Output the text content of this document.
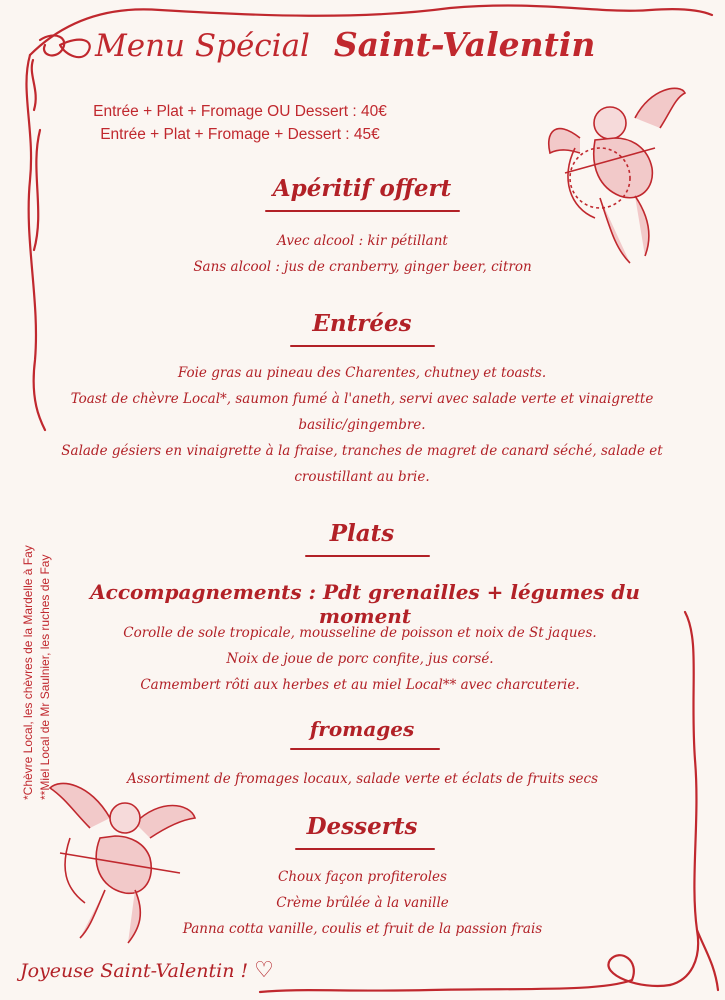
Menu Spécial Saint-Valentin
Entrée + Plat + Fromage OU Dessert : 40€
Entrée + Plat + Fromage + Dessert : 45€
Apéritif offert
Avec alcool : kir pétillant
Sans alcool : jus de cranberry, ginger beer, citron
Entrées
Foie gras au pineau des Charentes, chutney et toasts.
Toast de chèvre Local*, saumon fumé à l'aneth, servi avec salade verte et vinaigrette
basilic/gingembre.
Salade gésiers en vinaigrette à la fraise, tranches de magret de canard séché, salade et
croustillant au brie.
Plats
Accompagnements : Pdt grenailles + légumes du moment
Corolle de sole tropicale, mousseline de poisson et noix de St jaques.
Noix de joue de porc confite, jus corsé.
Camembert rôti aux herbes et au miel Local** avec charcuterie.
fromages
Assortiment de fromages locaux, salade verte et éclats de fruits secs
Desserts
Choux façon profiteroles
Crème brûlée à la vanille
Panna cotta vanille, coulis et fruit de la passion frais
*Chèvre Local, les chèvres de la Mardelle à Fay **Miel Local de Mr Saulnier, les ruches de Fay
Joyeuse Saint-Valentin ! ♡
